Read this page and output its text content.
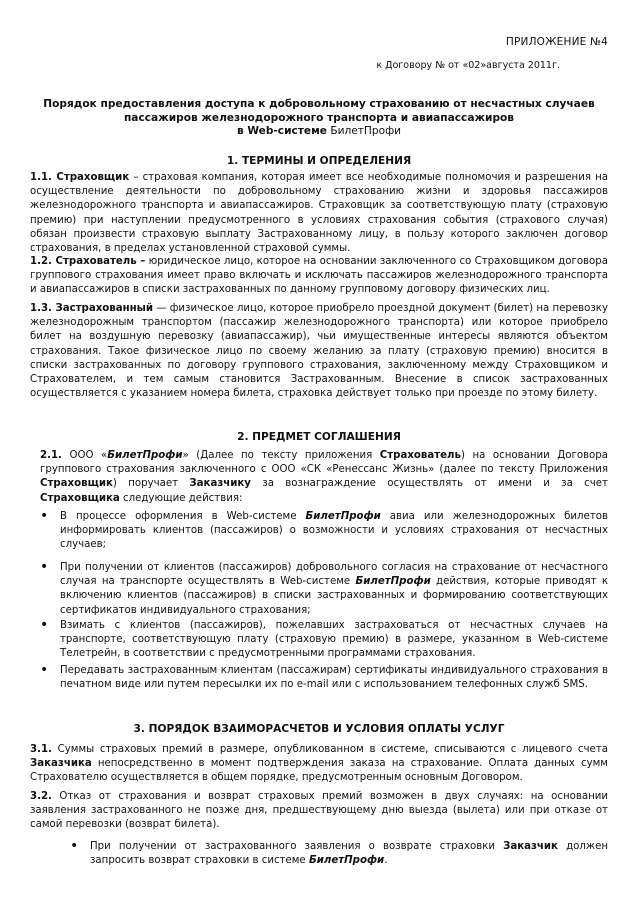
ПРИЛОЖЕНИЕ №4
к Договору № от «02»августа 2011г.
Порядок предоставления доступа к добровольному страхованию от несчастных случаев
пассажиров железнодорожного транспорта и авиапассажиров
в Web-системе БилетПрофи
1. ТЕРМИНЫ И ОПРЕДЕЛЕНИЯ
1.1. Страховщик – страховая компания, которая имеет все необходимые полномочия и разрешения на осуществление деятельности по добровольному страхованию жизни и здоровья пассажиров железнодорожного транспорта и авиапассажиров. Страховщик за соответствующую плату (страховую премию) при наступлении предусмотренного в условиях страхования события (страхового случая) обязан произвести страховую выплату Застрахованному лицу, в пользу которого заключен договор страхования, в пределах установленной страховой суммы.
1.2. Страхователь – юридическое лицо, которое на основании заключенного со Страховщиком договора группового страхования имеет право включать и исключать пассажиров железнодорожного транспорта и авиапассажиров в списки застрахованных по данному групповому договору физических лиц.
1.3. Застрахованный — физическое лицо, которое приобрело проездной документ (билет) на перевозку железнодорожным транспортом (пассажир железнодорожного транспорта) или которое приобрело билет на воздушную перевозку (авиапассажир), чьи имущественные интересы являются объектом страхования. Такое физическое лицо по своему желанию за плату (страховую премию) вносится в списки застрахованных по договору группового страхования, заключенному между Страховщиком и Страхователем, и тем самым становится Застрахованным. Внесение в список застрахованных осуществляется с указанием номера билета, страховка действует только при проезде по этому билету.
2. ПРЕДМЕТ СОГЛАШЕНИЯ
2.1. ООО «БилетПрофи» (Далее по тексту приложения Страхователь) на основании Договора группового страхования заключенного с ООО «СК «Ренессанс Жизнь» (далее по тексту Приложения Страховщик) поручает Заказчику за вознаграждение осуществлять от имени и за счет Страховщика следующие действия:
• В процессе оформления в Web-системе БилетПрофи авиа или железнодорожных билетов информировать клиентов (пассажиров) о возможности и условиях страхования от несчастных случаев;
• При получении от клиентов (пассажиров) добровольного согласия на страхование от несчастного случая на транспорте осуществлять в Web-системе БилетПрофи действия, которые приводят к включению клиентов (пассажиров) в списки застрахованных и формированию соответствующих сертификатов индивидуального страхования;
• Взимать с клиентов (пассажиров), пожелавших застраховаться от несчастных случаев на транспорте, соответствующую плату (страховую премию) в размере, указанном в Web-системе Телетрейн, в соответствии с предусмотренными программами страхования.
• Передавать застрахованным клиентам (пассажирам) сертификаты индивидуального страхования в печатном виде или путем пересылки их по e-mail или с использованием телефонных служб SMS.
3. ПОРЯДОК ВЗАИМОРАСЧЕТОВ И УСЛОВИЯ ОПЛАТЫ УСЛУГ
3.1. Суммы страховых премий в размере, опубликованном в системе, списываются с лицевого счета Заказчика непосредственно в момент подтверждения заказа на страхование. Оплата данных сумм Страхователю осуществляется в общем порядке, предусмотренным основным Договором.
3.2. Отказ от страхования и возврат страховых премий возможен в двух случаях: на основании заявления застрахованного не позже дня, предшествующему дню выезда (вылета) или при отказе от самой перевозки (возврат билета).
• При получении от застрахованного заявления о возврате страховки Заказчик должен запросить возврат страховки в системе БилетПрофи.
